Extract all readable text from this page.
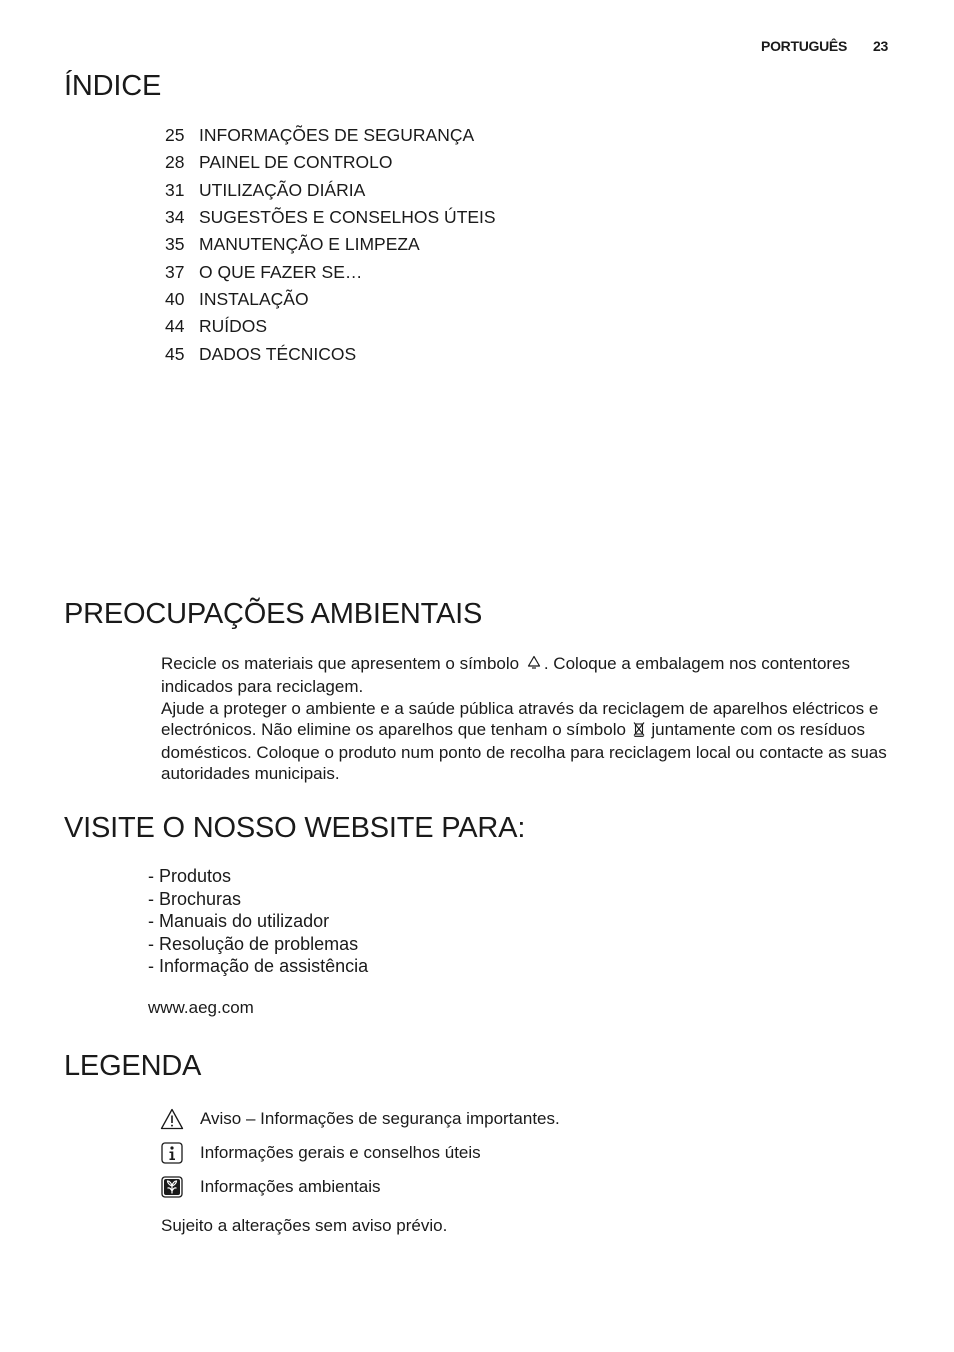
PORTUGUÊS 23
ÍNDICE
25 INFORMAÇÕES DE SEGURANÇA
28 PAINEL DE CONTROLO
31 UTILIZAÇÃO DIÁRIA
34 SUGESTÕES E CONSELHOS ÚTEIS
35 MANUTENÇÃO E LIMPEZA
37 O QUE FAZER SE…
40 INSTALAÇÃO
44 RUÍDOS
45 DADOS TÉCNICOS
PREOCUPAÇÕES AMBIENTAIS
Recicle os materiais que apresentem o símbolo . Coloque a embalagem nos contentores indicados para reciclagem.
Ajude a proteger o ambiente e a saúde pública através da reciclagem de aparelhos eléctricos e electrónicos. Não elimine os aparelhos que tenham o símbolo juntamente com os resíduos domésticos. Coloque o produto num ponto de recolha para reciclagem local ou contacte as suas autoridades municipais.
VISITE O NOSSO WEBSITE PARA:
- Produtos
- Brochuras
- Manuais do utilizador
- Resolução de problemas
- Informação de assistência
www.aeg.com
LEGENDA
Aviso – Informações de segurança importantes.
Informações gerais e conselhos úteis
Informações ambientais
Sujeito a alterações sem aviso prévio.
